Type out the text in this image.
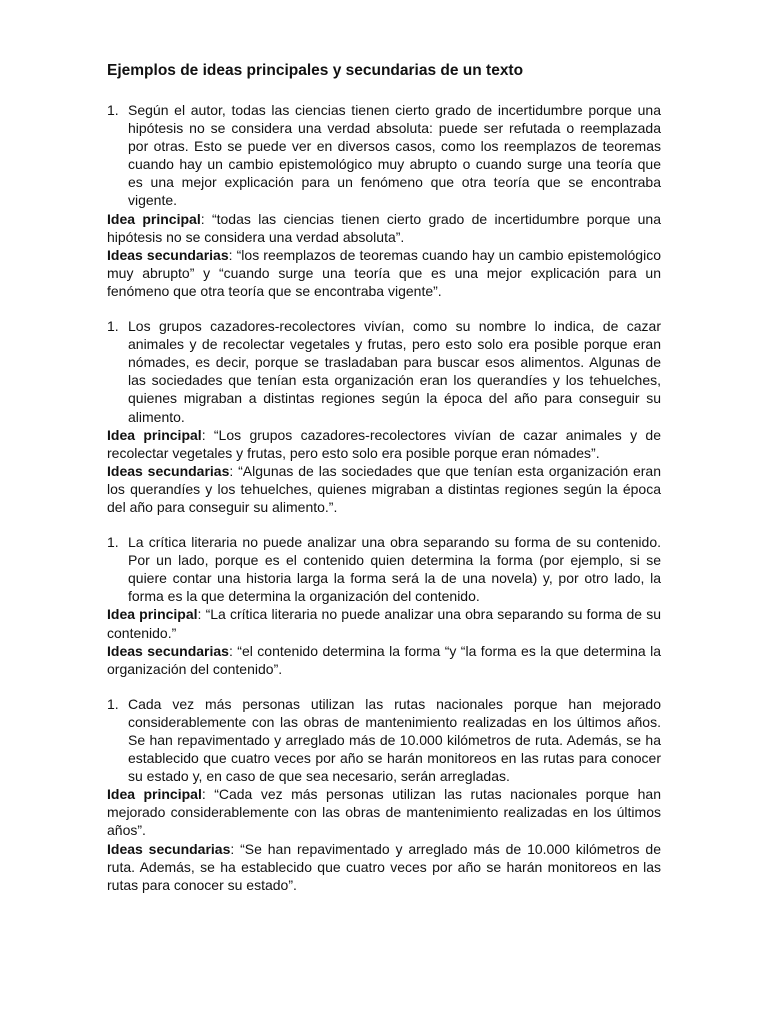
Ejemplos de ideas principales y secundarias de un texto
1. Según el autor, todas las ciencias tienen cierto grado de incertidumbre porque una hipótesis no se considera una verdad absoluta: puede ser refutada o reemplazada por otras. Esto se puede ver en diversos casos, como los reemplazos de teoremas cuando hay un cambio epistemológico muy abrupto o cuando surge una teoría que es una mejor explicación para un fenómeno que otra teoría que se encontraba vigente.
Idea principal: “todas las ciencias tienen cierto grado de incertidumbre porque una hipótesis no se considera una verdad absoluta”.
Ideas secundarias: “los reemplazos de teoremas cuando hay un cambio epistemológico muy abrupto” y “cuando surge una teoría que es una mejor explicación para un fenómeno que otra teoría que se encontraba vigente”.
1. Los grupos cazadores-recolectores vivían, como su nombre lo indica, de cazar animales y de recolectar vegetales y frutas, pero esto solo era posible porque eran nómades, es decir, porque se trasladaban para buscar esos alimentos. Algunas de las sociedades que tenían esta organización eran los querandíes y los tehuelches, quienes migraban a distintas regiones según la época del año para conseguir su alimento.
Idea principal: “Los grupos cazadores-recolectores vivían de cazar animales y de recolectar vegetales y frutas, pero esto solo era posible porque eran nómades”.
Ideas secundarias: “Algunas de las sociedades que que tenían esta organización eran los querandíes y los tehuelches, quienes migraban a distintas regiones según la época del año para conseguir su alimento.”.
1. La crítica literaria no puede analizar una obra separando su forma de su contenido. Por un lado, porque es el contenido quien determina la forma (por ejemplo, si se quiere contar una historia larga la forma será la de una novela) y, por otro lado, la forma es la que determina la organización del contenido.
Idea principal: “La crítica literaria no puede analizar una obra separando su forma de su contenido.”
Ideas secundarias: “el contenido determina la forma “y “la forma es la que determina la organización del contenido”.
1. Cada vez más personas utilizan las rutas nacionales porque han mejorado considerablemente con las obras de mantenimiento realizadas en los últimos años. Se han repavimentado y arreglado más de 10.000 kilómetros de ruta. Además, se ha establecido que cuatro veces por año se harán monitoreos en las rutas para conocer su estado y, en caso de que sea necesario, serán arregladas.
Idea principal: “Cada vez más personas utilizan las rutas nacionales porque han mejorado considerablemente con las obras de mantenimiento realizadas en los últimos años”.
Ideas secundarias: “Se han repavimentado y arreglado más de 10.000 kilómetros de ruta. Además, se ha establecido que cuatro veces por año se harán monitoreos en las rutas para conocer su estado”.
